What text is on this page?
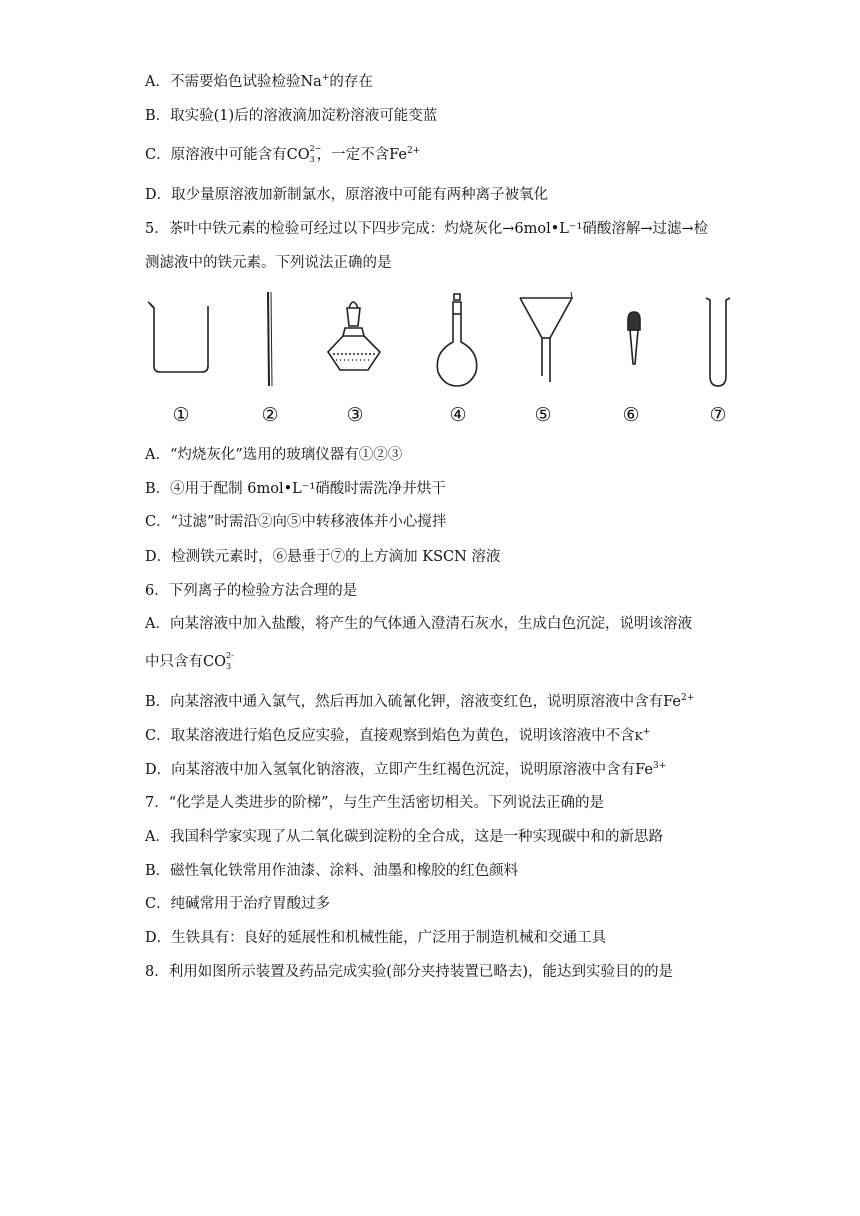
A．不需要焰色试验检验Na+的存在
B．取实验(1)后的溶液滴加淀粉溶液可能变蓝
C．原溶液中可能含有CO 2−
3 ，一定不含$Fe^{2+}$
D．取少量原溶液加新制氯水，原溶液中可能有两种离子被氧化
5．茶叶中铁元素的检验可经过以下四步完成：灼烧灰化→6mol•L⁻¹硝酸溶解→过滤→检
测滤液中的铁元素。下列说法正确的是
①	②	③	④	⑤	⑥	⑦
A．“灼烧灰化”选用的玻璃仪器有①②③
B．④用于配制 6mol•L⁻¹硝酸时需洗净并烘干
C．“过滤”时需沿②向⑤中转移液体并小心搅拌
D．检测铁元素时，⑥悬垂于⑦的上方滴加 KSCN 溶液
6．下列离子的检验方法合理的是
A．向某溶液中加入盐酸，将产生的气体通入澄清石灰水，生成白色沉淀，说明该溶液
中只含有CO 2-
3
B．向某溶液中通入氯气，然后再加入硫氰化钾，溶液变红色，说明原溶液中含有$Fe^{2+}$
C．取某溶液进行焰色反应实验，直接观察到焰色为黄色，说明该溶液中不含K+
D．向某溶液中加入氢氧化钠溶液，立即产生红褐色沉淀，说明原溶液中含有$Fe^{3+}$
7．“化学是人类进步的阶梯”，与生产生活密切相关。下列说法正确的是
A．我国科学家实现了从二氧化碳到淀粉的全合成，这是一种实现碳中和的新思路
B．磁性氧化铁常用作油漆、涂料、油墨和橡胶的红色颜料
C．纯碱常用于治疗胃酸过多
D．生铁具有：良好的延展性和机械性能，广泛用于制造机械和交通工具
8．利用如图所示装置及药品完成实验(部分夹持装置已略去)，能达到实验目的的是
